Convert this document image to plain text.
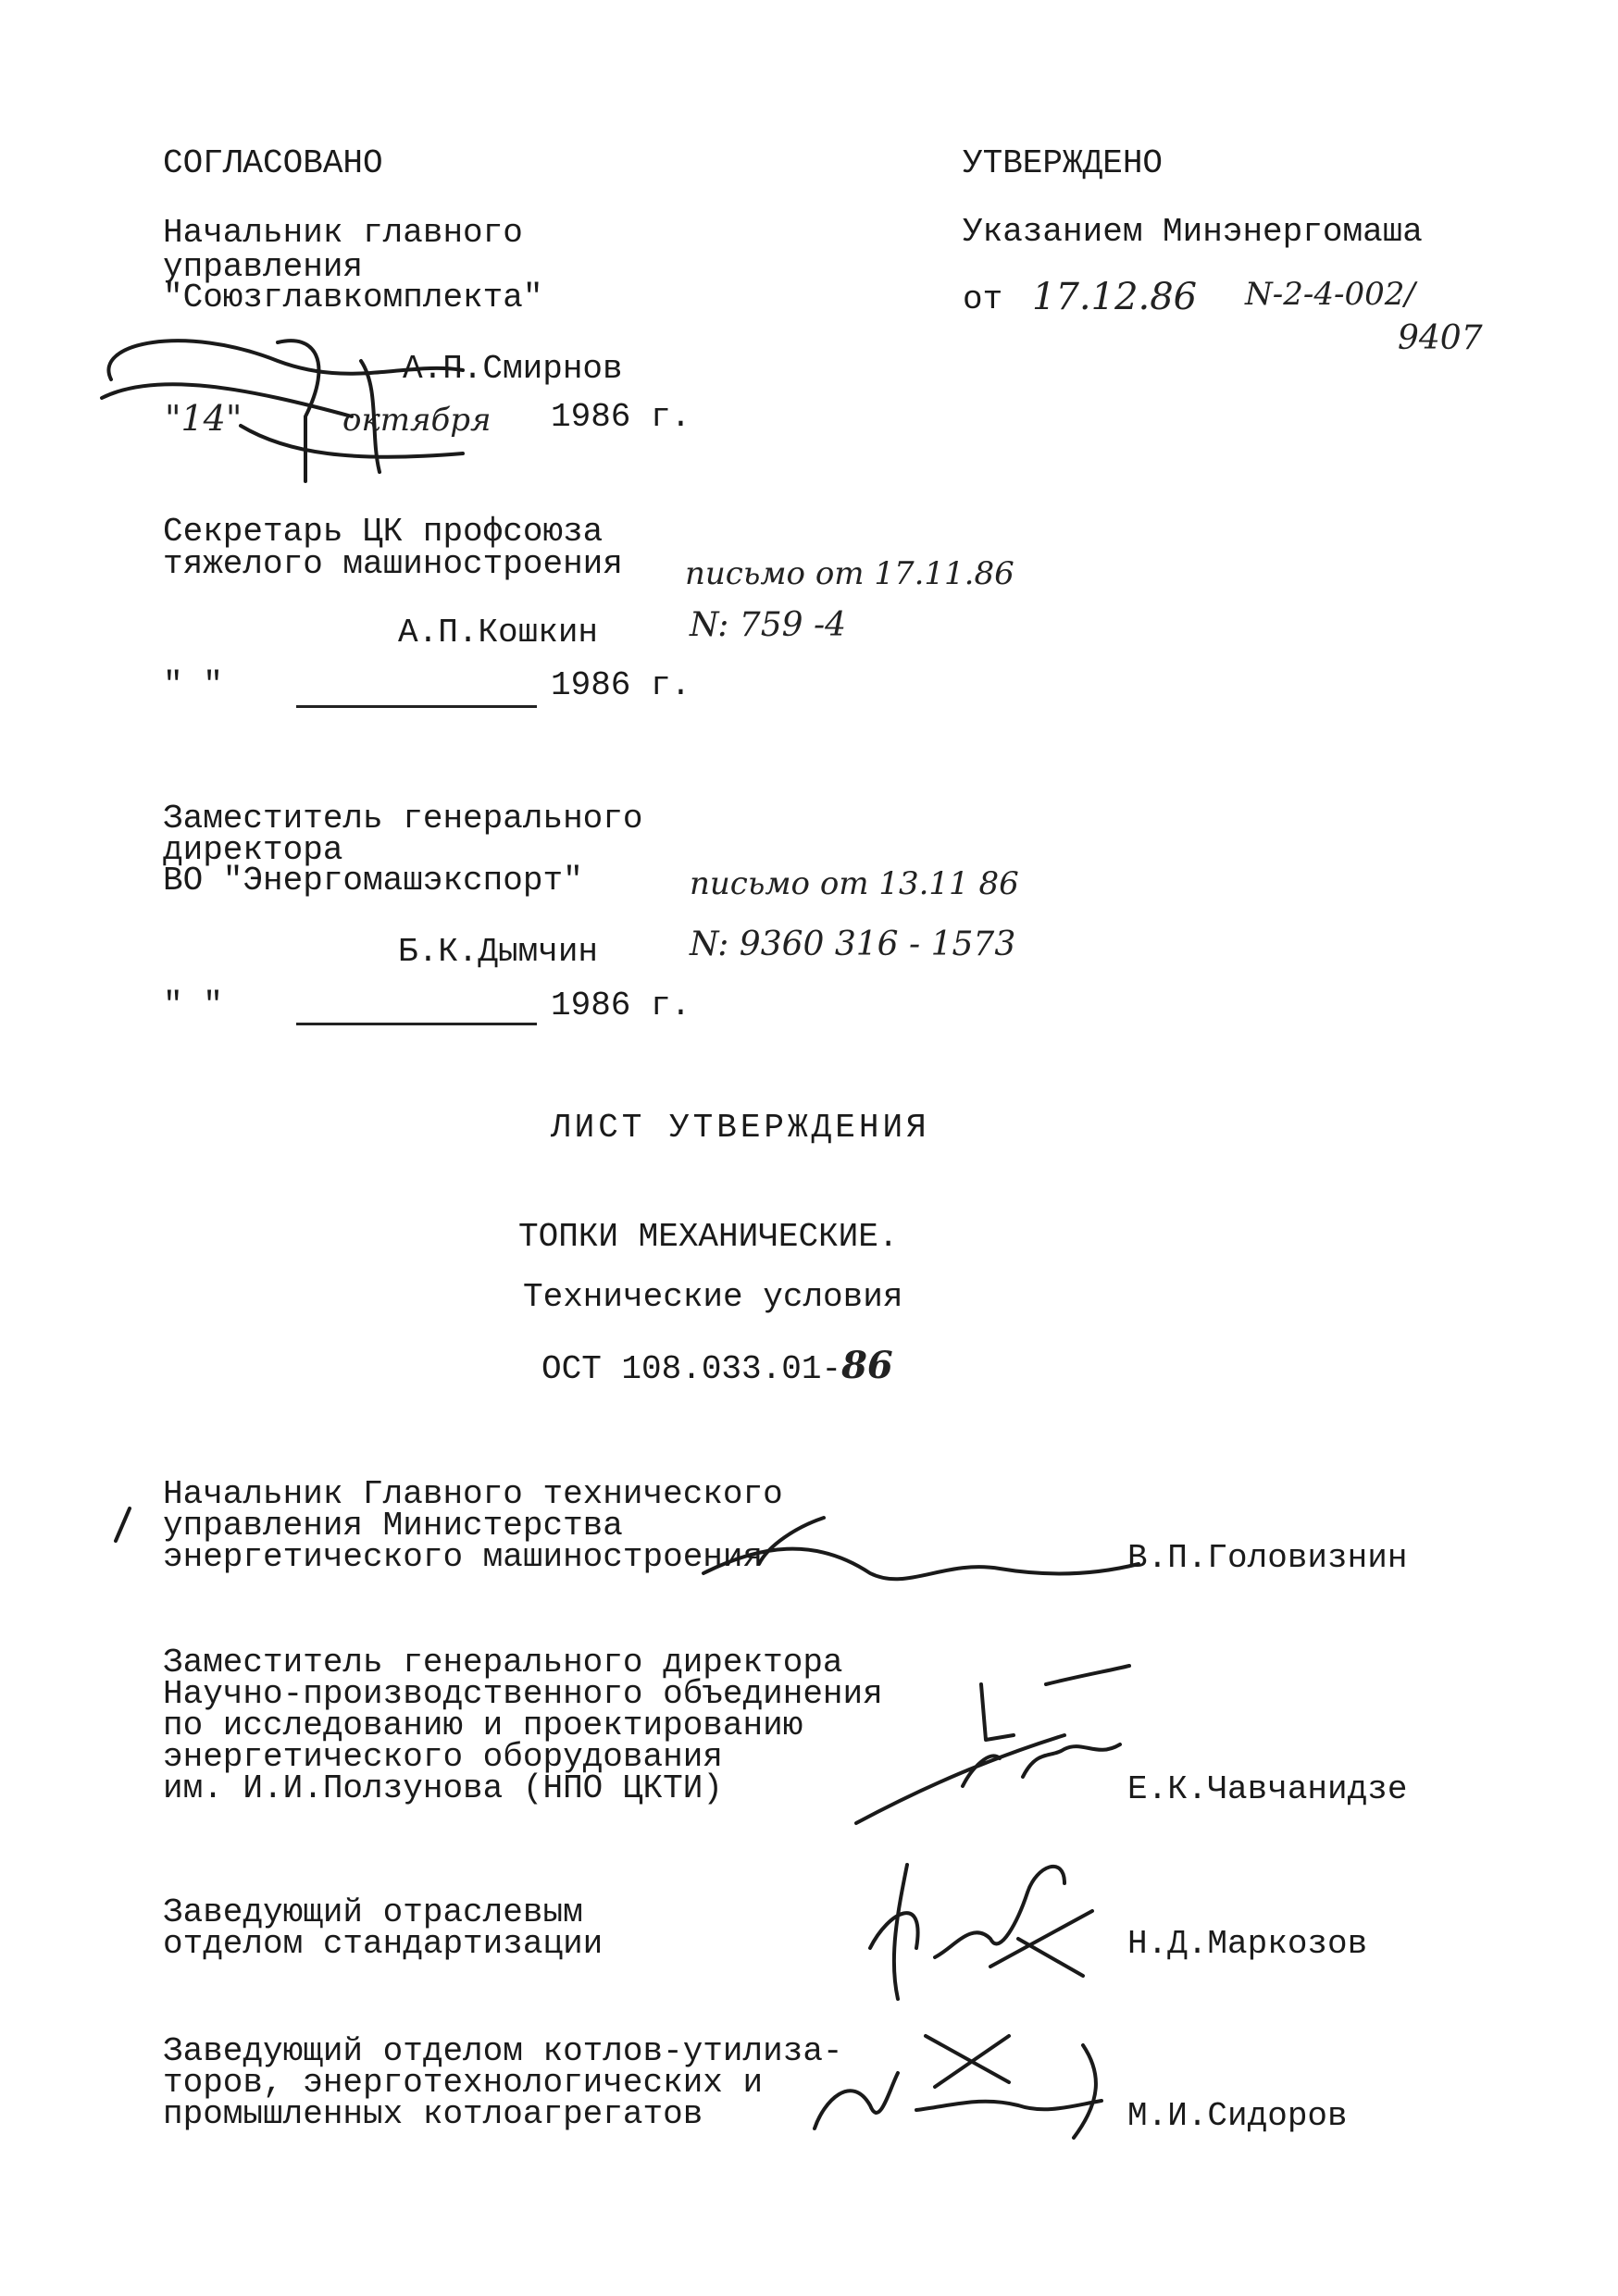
СОГЛАСОВАНО
Начальник главного
управления
"Союзглавкомплекта"
А.П.Смирнов
"14"	октября 1986 г.
Секретарь ЦК профсоюза
тяжелого машиностроения письмо от 17.11.86
А.П.Кошкин	N: 759 -4
" "	1986 г.
Заместитель генерального
директора
ВО "Энергомашэкспорт"	письмо от 13.11 86
Б.К.Дымчин	N: 9360 316 - 1573
" "	1986 г.
УТВЕРЖДЕНО
Указанием Минэнергомаша
от 17.12.86 N-2-4-002/
9407
ЛИСТ УТВЕРЖДЕНИЯ
ТОПКИ МЕХАНИЧЕСКИЕ.
Технические условия
ОСТ 108.033.01-86
Начальник Главного технического
управления Министерства
энергетического машиностроения	В.П.Головизнин
Заместитель генерального директора
Научно-производственного объединения
по исследованию и проектированию
энергетического оборудования
им. И.И.Ползунова (НПО ЦКТИ)	Е.К.Чавчанидзе
Заведующий отраслевым
отделом стандартизации	Н.Д.Маркозов
Заведующий отделом котлов-утилиза-
торов, энерготехнологических и
промышленных котлоагрегатов	М.И.Сидоров
